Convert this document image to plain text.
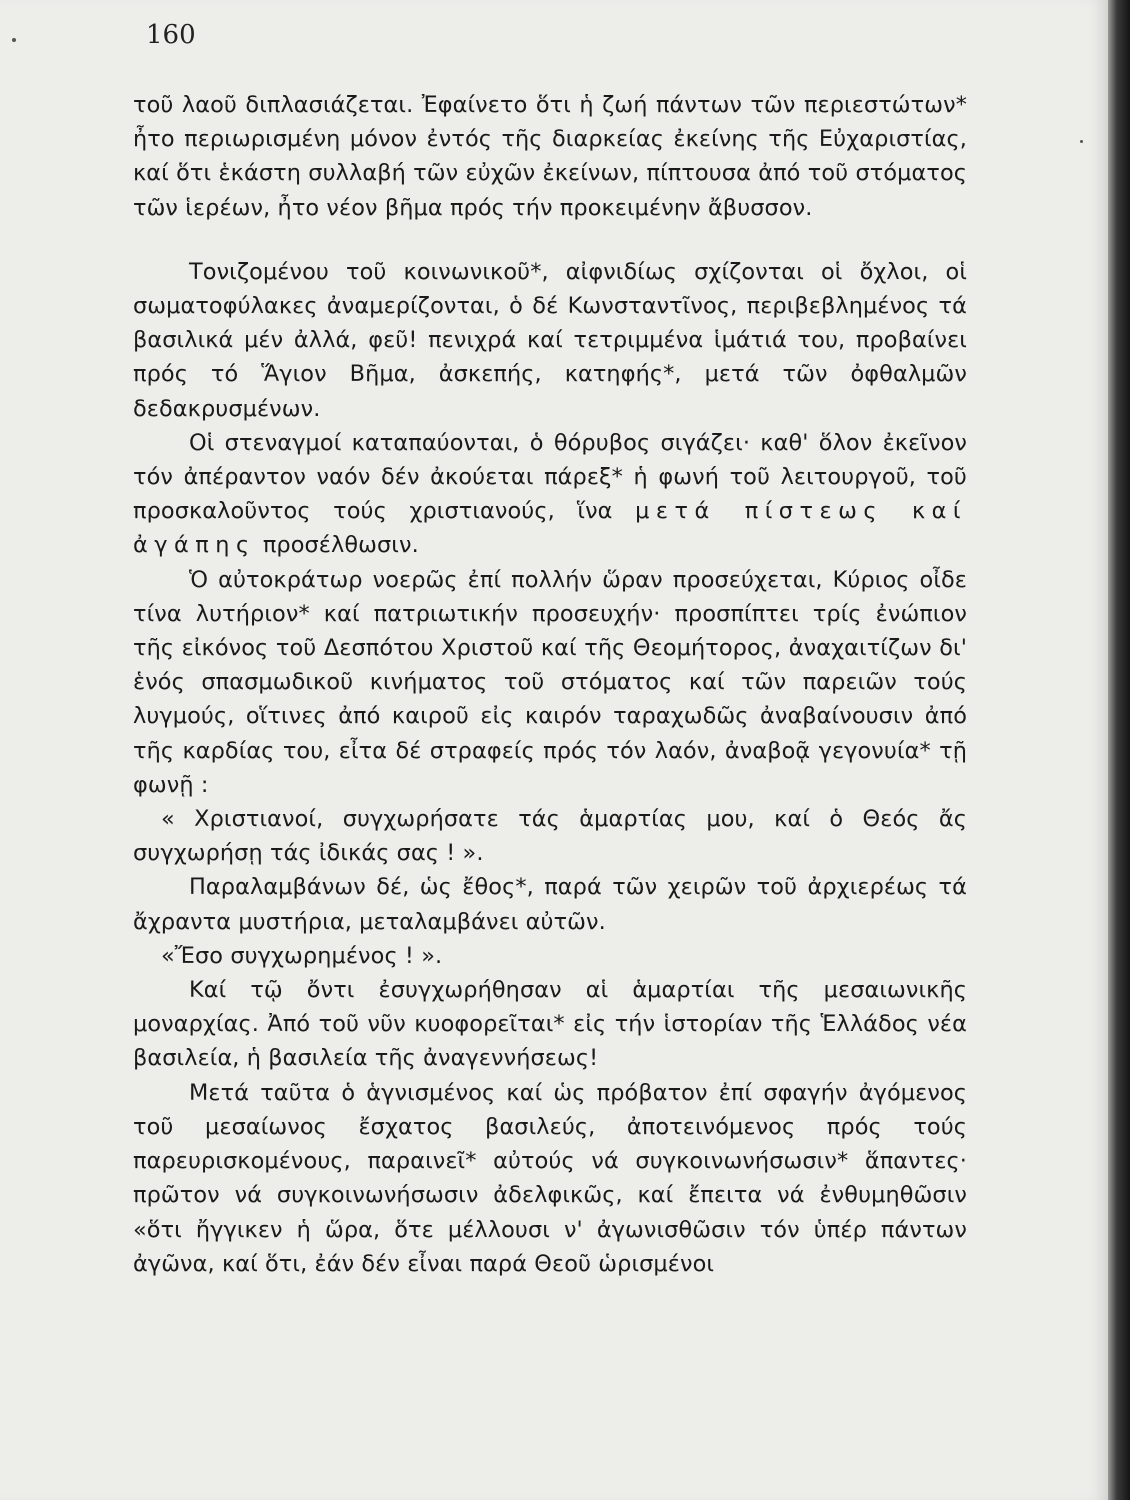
160

τοῦ λαοῦ διπλασιάζεται. Ἐφαίνετο ὅτι ἡ ζωή πάντων τῶν περιεστώτων* ἦτο περιωρισμένη μόνον ἐντός τῆς διαρκείας ἐκείνης τῆς Εὐχαριστίας, καί ὅτι ἑκάστη συλλαβή τῶν εὐχῶν ἐκείνων, πίπτουσα ἀπό τοῦ στόματος τῶν ἱερέων, ἦτο νέον βῆμα πρός τήν προκειμένην ἄβυσσον.

Τονιζομένου τοῦ κοινωνικοῦ*, αἰφνιδίως σχίζονται οἱ ὄχλοι, οἱ σωματοφύλακες ἀναμερίζονται, ὁ δέ Κωνσταντῖνος, περιβεβλημένος τά βασιλικά μέν ἀλλά, φεῦ! πενιχρά καί τετριμμένα ἱμάτιά του, προβαίνει πρός τό Ἅγιον Βῆμα, ἀσκεπής, κατηφής*, μετά τῶν ὀφθαλμῶν δεδακρυσμένων.

Οἱ στεναγμοί καταπαύονται, ὁ θόρυβος σιγάζει· καθ' ὅλον ἐκεῖνον τόν ἀπέραντον ναόν δέν ἀκούεται πάρεξ* ἡ φωνή τοῦ λειτουργοῦ, τοῦ προσκαλοῦντος τούς χριστιανούς, ἵνα μετά πίστεως καί ἀγάπης προσέλθωσιν.

Ὁ αὐτοκράτωρ νοερῶς ἐπί πολλήν ὥραν προσεύχεται, Κύριος οἶδε τίνα λυτήριον* καί πατριωτικήν προσευχήν· προσπίπτει τρίς ἐνώπιον τῆς εἰκόνος τοῦ Δεσπότου Χριστοῦ καί τῆς Θεομήτορος, ἀναχαιτίζων δι' ἑνός σπασμωδικοῦ κινήματος τοῦ στόματος καί τῶν παρειῶν τούς λυγμούς, οἵτινες ἀπό καιροῦ εἰς καιρόν ταραχωδῶς ἀναβαίνουσιν ἀπό τῆς καρδίας του, εἶτα δέ στραφείς πρός τόν λαόν, ἀναβοᾷ γεγονυία* τῇ φωνῇ :

« Χριστιανοί, συγχωρήσατε τάς ἁμαρτίας μου, καί ὁ Θεός ἄς συγχωρήσῃ τάς ἰδικάς σας ! ».

Παραλαμβάνων δέ, ὡς ἔθος*, παρά τῶν χειρῶν τοῦ ἀρχιερέως τά ἄχραντα μυστήρια, μεταλαμβάνει αὐτῶν.

«Ἔσο συγχωρημένος ! ».

Καί τῷ ὄντι ἐσυγχωρήθησαν αἱ ἁμαρτίαι τῆς μεσαιωνικῆς μοναρχίας. Ἀπό τοῦ νῦν κυοφορεῖται* εἰς τήν ἱστορίαν τῆς Ἑλλάδος νέα βασιλεία, ἡ βασιλεία τῆς ἀναγεννήσεως!

Μετά ταῦτα ὁ ἁγνισμένος καί ὡς πρόβατον ἐπί σφαγήν ἀγόμενος τοῦ μεσαίωνος ἔσχατος βασιλεύς, ἀποτεινόμενος πρός τούς παρευρισκομένους, παραινεῖ* αὐτούς νά συγκοινωνήσωσιν* ἅπαντες· πρῶτον νά συγκοινωνήσωσιν ἀδελφικῶς, καί ἔπειτα νά ἐνθυμηθῶσιν «ὅτι ἤγγικεν ἡ ὥρα, ὅτε μέλλουσι ν' ἀγωνισθῶσιν τόν ὑπέρ πάντων ἀγῶνα, καί ὅτι, ἐάν δέν εἶναι παρά Θεοῦ ὡρισμένοι
